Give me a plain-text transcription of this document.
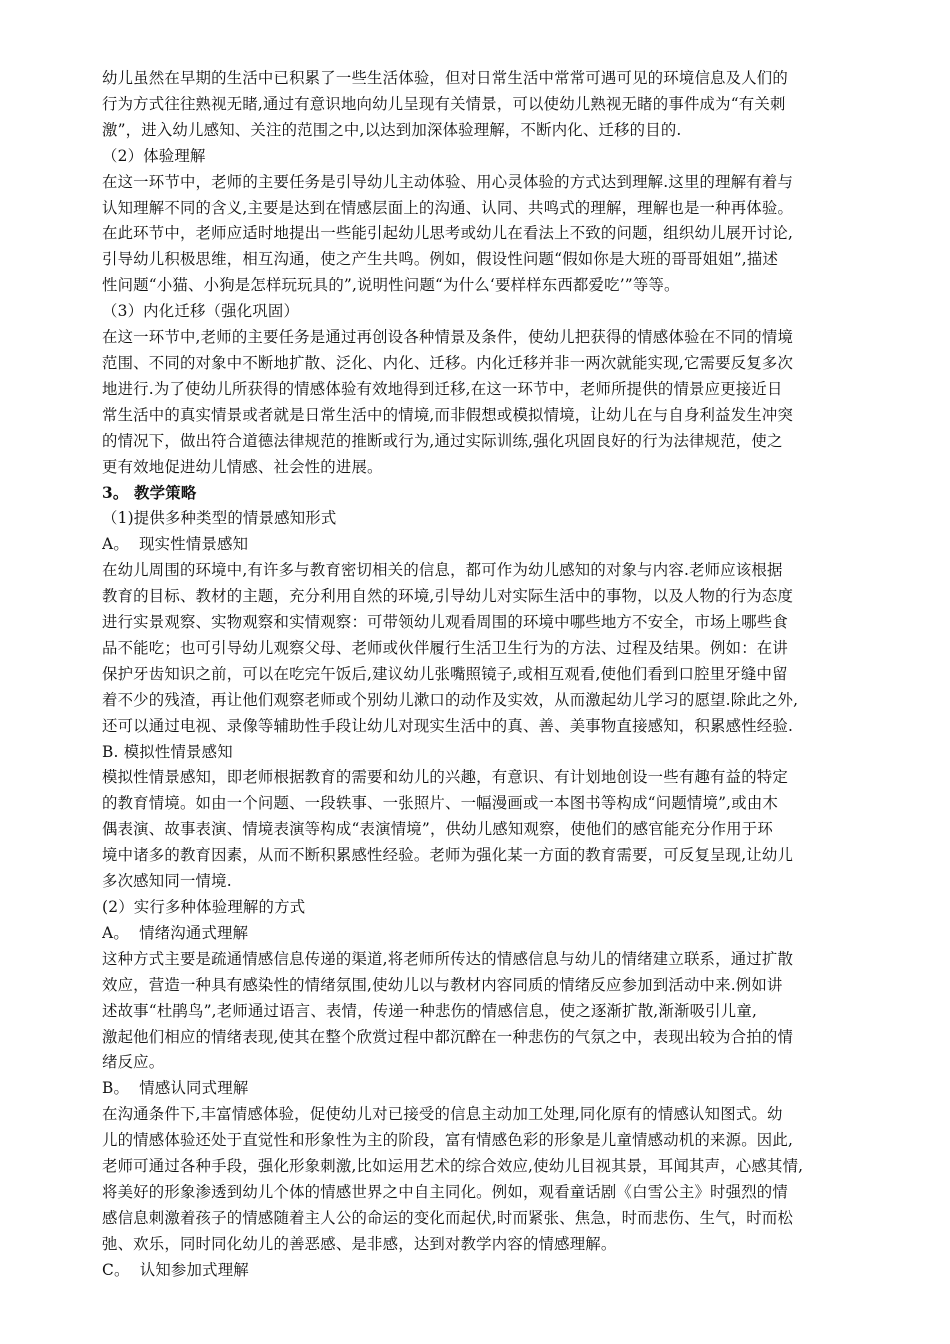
幼儿虽然在早期的生活中已积累了一些生活体验，但对日常生活中常常可遇可见的环境信息及人们的
行为方式往往熟视无睹,通过有意识地向幼儿呈现有关情景，可以使幼儿熟视无睹的事件成为“有关刺
激”，进入幼儿感知、关注的范围之中,以达到加深体验理解，不断内化、迁移的目的.
（2）体验理解
在这一环节中，老师的主要任务是引导幼儿主动体验、用心灵体验的方式达到理解.这里的理解有着与
认知理解不同的含义,主要是达到在情感层面上的沟通、认同、共鸣式的理解，理解也是一种再体验。
在此环节中，老师应适时地提出一些能引起幼儿思考或幼儿在看法上不致的问题，组织幼儿展开讨论,
引导幼儿积极思维，相互沟通，使之产生共鸣。例如，假设性问题“假如你是大班的哥哥姐姐”,描述
性问题“小猫、小狗是怎样玩玩具的”,说明性问题“为什么‘要样样东西都爱吃’”等等。
（3）内化迁移（强化巩固）
在这一环节中,老师的主要任务是通过再创设各种情景及条件，使幼儿把获得的情感体验在不同的情境
范围、不同的对象中不断地扩散、泛化、内化、迁移。内化迁移并非一两次就能实现,它需要反复多次
地进行.为了使幼儿所获得的情感体验有效地得到迁移,在这一环节中，老师所提供的情景应更接近日
常生活中的真实情景或者就是日常生活中的情境,而非假想或模拟情境，让幼儿在与自身利益发生冲突
的情况下，做出符合道德法律规范的推断或行为,通过实际训练,强化巩固良好的行为法律规范，使之
更有效地促进幼儿情感、社会性的进展。
3。 教学策略
（1)提供多种类型的情景感知形式
A。  现实性情景感知
在幼儿周围的环境中,有许多与教育密切相关的信息，都可作为幼儿感知的对象与内容.老师应该根据
教育的目标、教材的主题，充分利用自然的环境,引导幼儿对实际生活中的事物，以及人物的行为态度
进行实景观察、实物观察和实情观察：可带领幼儿观看周围的环境中哪些地方不安全，市场上哪些食
品不能吃；也可引导幼儿观察父母、老师或伙伴履行生活卫生行为的方法、过程及结果。例如：在讲
保护牙齿知识之前，可以在吃完午饭后,建议幼儿张嘴照镜子,或相互观看,使他们看到口腔里牙缝中留
着不少的残渣，再让他们观察老师或个别幼儿漱口的动作及实效，从而激起幼儿学习的愿望.除此之外,
还可以通过电视、录像等辅助性手段让幼儿对现实生活中的真、善、美事物直接感知，积累感性经验.
B. 模拟性情景感知
模拟性情景感知，即老师根据教育的需要和幼儿的兴趣，有意识、有计划地创设一些有趣有益的特定
的教育情境。如由一个问题、一段轶事、一张照片、一幅漫画或一本图书等构成“问题情境”,或由木
偶表演、故事表演、情境表演等构成“表演情境”，供幼儿感知观察，使他们的感官能充分作用于环
境中诸多的教育因素，从而不断积累感性经验。老师为强化某一方面的教育需要，可反复呈现,让幼儿
多次感知同一情境.
(2）实行多种体验理解的方式
A。  情绪沟通式理解
这种方式主要是疏通情感信息传递的渠道,将老师所传达的情感信息与幼儿的情绪建立联系，通过扩散
效应，营造一种具有感染性的情绪氛围,使幼儿以与教材内容同质的情绪反应参加到活动中来.例如讲
述故事“杜鹃鸟”,老师通过语言、表情，传递一种悲伤的情感信息，使之逐渐扩散,渐渐吸引儿童,
激起他们相应的情绪表现,使其在整个欣赏过程中都沉醉在一种悲伤的气氛之中，表现出较为合拍的情
绪反应。
B。  情感认同式理解
在沟通条件下,丰富情感体验，促使幼儿对已接受的信息主动加工处理,同化原有的情感认知图式。幼
儿的情感体验还处于直觉性和形象性为主的阶段，富有情感色彩的形象是儿童情感动机的来源。因此,
老师可通过各种手段，强化形象刺激,比如运用艺术的综合效应,使幼儿目视其景，耳闻其声，心感其情,
将美好的形象渗透到幼儿个体的情感世界之中自主同化。例如，观看童话剧《白雪公主》时强烈的情
感信息刺激着孩子的情感随着主人公的命运的变化而起伏,时而紧张、焦急，时而悲伤、生气，时而松
弛、欢乐，同时同化幼儿的善恶感、是非感，达到对教学内容的情感理解。
C。  认知参加式理解
